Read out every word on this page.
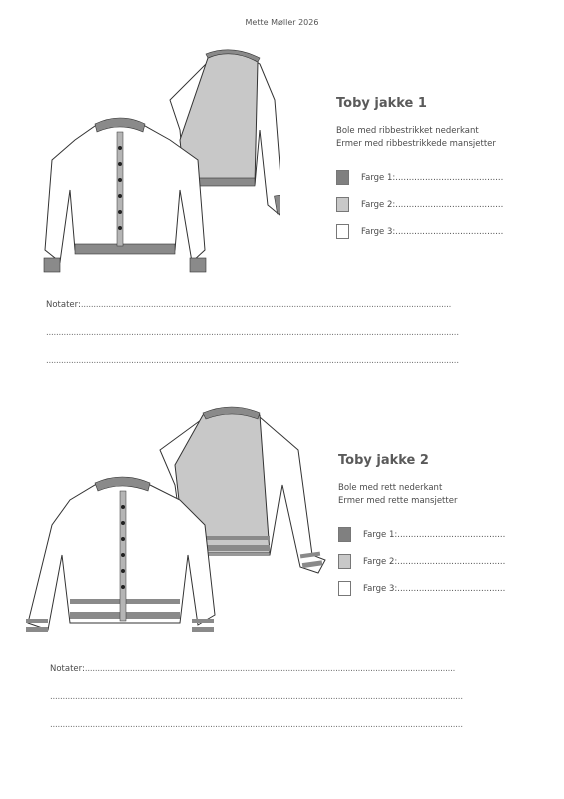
Mette Møller 2026
Toby jakke 1
Bole med ribbestrikket nederkant
Ermer med ribbestrikkede mansjetter
Farge 1:........................................
Farge 2:........................................
Farge 3:........................................
Notater:....................................................................................................................................................
.....................................................................................................................................................................
.....................................................................................................................................................................
Toby jakke 2
Bole med rett nederkant
Ermer med rette mansjetter
Farge 1:........................................
Farge 2:........................................
Farge 3:........................................
Notater:....................................................................................................................................................
.....................................................................................................................................................................
.....................................................................................................................................................................
